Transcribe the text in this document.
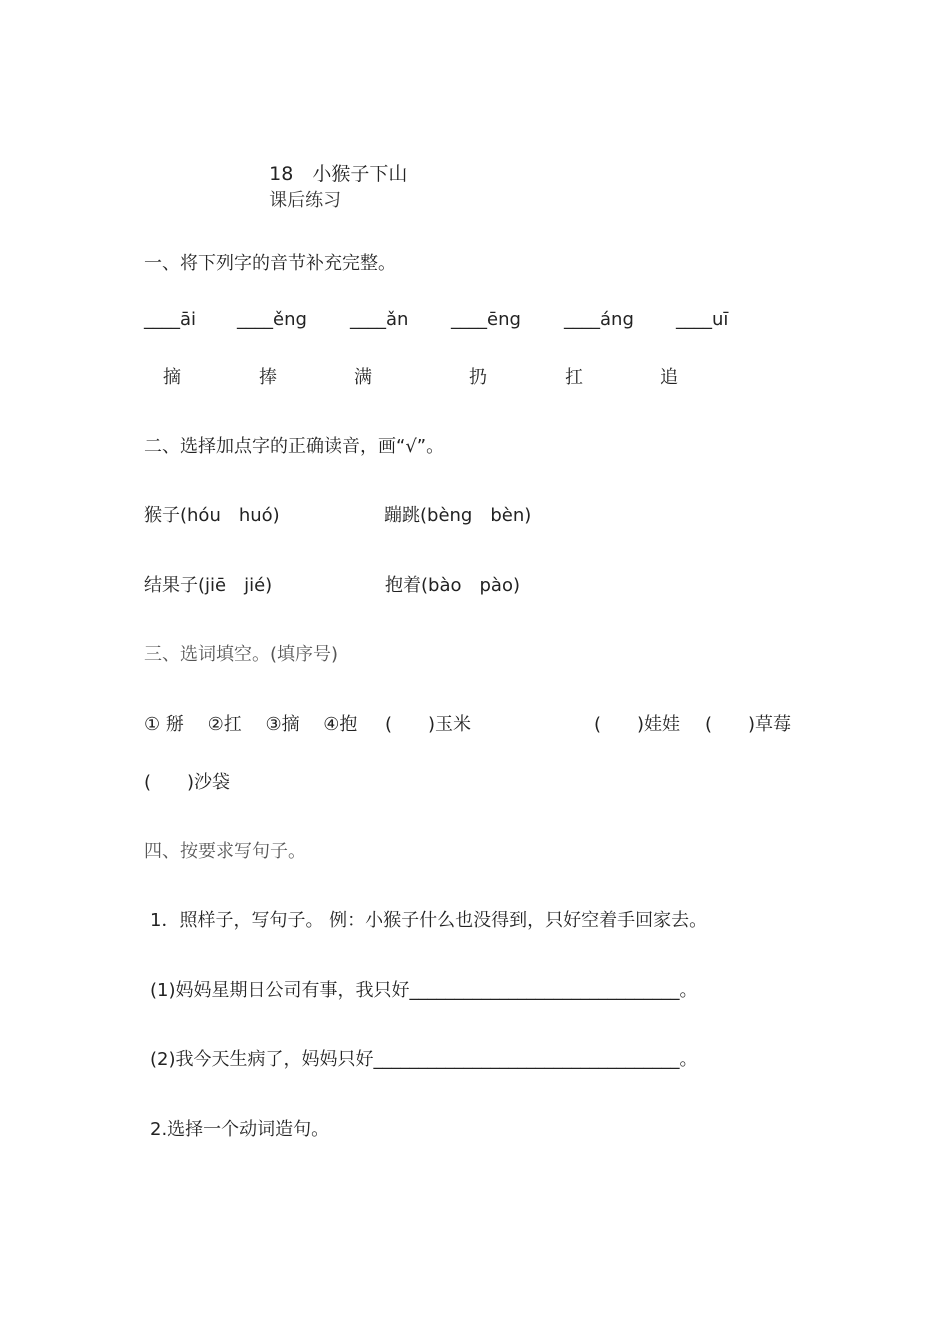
18　小猴子下山
课后练习

一、将下列字的音节补充完整。
____āi ____ěng ____ǎn ____ēng ____áng ____uī
摘	捧	满	扔	扛	追
二、选择加点字的正确读音，画“√”。
猴子(hóu　huó)	蹦跳(bèng　bèn)
结果子(jiē　jié)	抱着(bào　pào)
三、选词填空。(填序号)
① 掰　 ②扛　 ③摘　 ④抱 (　　)玉米	(　　)娃娃 (　　)草莓
(　　)沙袋
四、按要求写句子。
1．照样子，写句子。 例：小猴子什么也没得到，只好空着手回家去。
(1)妈妈星期日公司有事，我只好______________________________。
(2)我今天生病了，妈妈只好__________________________________。
2.选择一个动词造句。
